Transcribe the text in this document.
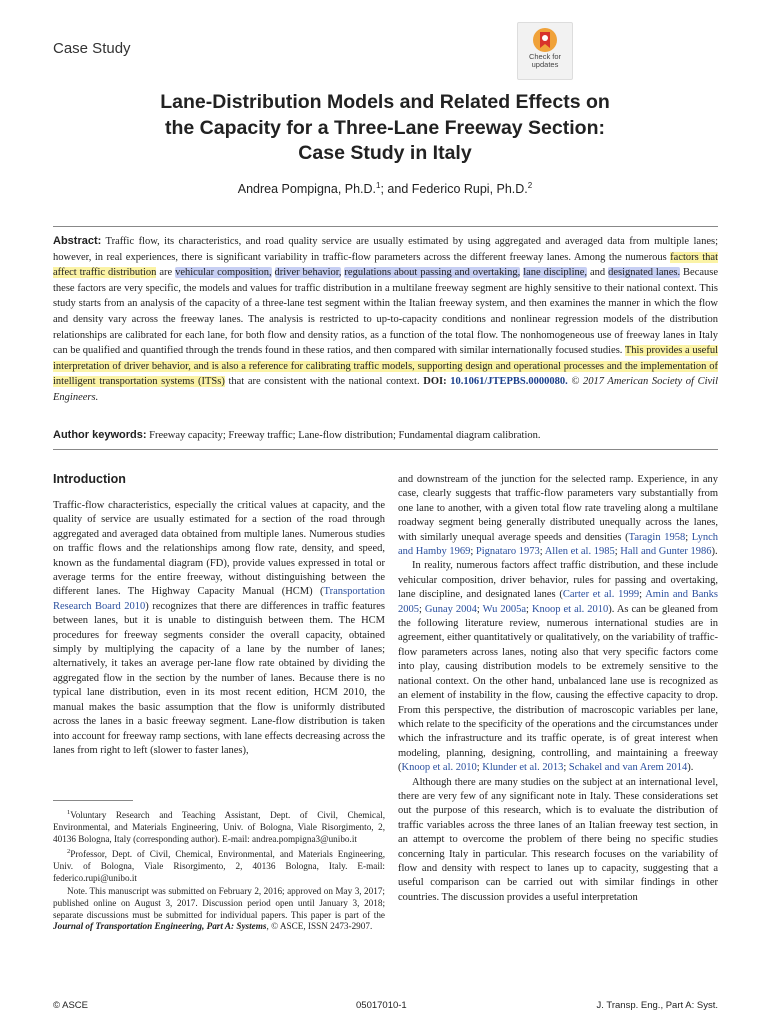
Case Study	Check for
updates
Lane-Distribution Models and Related Effects on
the Capacity for a Three-Lane Freeway Section:
Case Study in Italy
Andrea Pompigna, Ph.D.$^1$; and Federico Rupi, Ph.D.$^2$
Abstract: Traffic flow, its characteristics, and road quality service are usually estimated by using aggregated and averaged data from multiple lanes; however, in real experiences, there is significant variability in traffic-flow parameters across the different freeway lanes. Among the numerous factors that affect traffic distribution are vehicular composition, driver behavior, regulations about passing and overtaking, lane discipline, and designated lanes. Because these factors are very specific, the models and values for traffic distribution in a multilane freeway segment are highly sensitive to their national context. This study starts from an analysis of the capacity of a three-lane test segment within the Italian freeway system, and then examines the manner in which the flow and density vary across the freeway lanes. The analysis is restricted to up-to-capacity conditions and nonlinear regression models of the distribution relationships are calibrated for each lane, for both flow and density ratios, as a function of the total flow. The nonhomogeneous use of freeway lanes in Italy can be qualified and quantified through the trends found in these ratios, and then compared with similar internationally focused studies. This provides a useful interpretation of driver behavior, and is also a reference for calibrating traffic models, supporting design and operational processes and the implementation of intelligent transportation systems (ITSs) that are consistent with the national context. DOI: 10.1061/JTEPBS.0000080. © 2017 American Society of Civil Engineers.
Author keywords: Freeway capacity; Freeway traffic; Lane-flow distribution; Fundamental diagram calibration.
Introduction

Traffic-flow characteristics, especially the critical values at capacity, and the quality of service are usually estimated for a section of the road through aggregated and averaged data obtained from multiple lanes. Numerous studies on traffic flows and the relationships among flow rate, density, and speed, known as the fundamental diagram (FD), provide values expressed in total or average terms for the entire freeway, without distinguishing between the different lanes. The Highway Capacity Manual (HCM) (Transportation Research Board 2010) recognizes that there are differences in traffic features between lanes, but it is unable to distinguish between them. The HCM procedures for freeway segments consider the overall capacity, obtained simply by multiplying the capacity of a lane by the number of lanes; alternatively, it takes an average per-lane flow rate obtained by dividing the aggregated flow in the section by the number of lanes. Because there is no typical lane distribution, even in its most recent edition, HCM 2010, the manual makes the basic assumption that the flow is uniformly distributed across the lanes in a basic freeway segment. Lane-flow distribution is taken into account for freeway ramp sections, with lane effects decreasing across the lanes from right to left (slower to faster lanes),

and downstream of the junction for the selected ramp. Experience, in any case, clearly suggests that traffic-flow parameters vary substantially from one lane to another, with a given total flow rate traveling along a multilane roadway segment being generally distributed unequally across the lanes, with similarly unequal average speeds and densities (Taragin 1958; Lynch and Hamby 1969; Pignataro 1973; Allen et al. 1985; Hall and Gunter 1986).

In reality, numerous factors affect traffic distribution, and these include vehicular composition, driver behavior, rules for passing and overtaking, lane discipline, and designated lanes (Carter et al. 1999; Amin and Banks 2005; Gunay 2004; Wu 2005a; Knoop et al. 2010). As can be gleaned from the following literature review, numerous international studies are in agreement, either quantitatively or qualitatively, on the variability of traffic-flow parameters across lanes, noting also that very specific factors come into play, causing distribution models to be extremely sensitive to the national context. On the other hand, unbalanced lane use is recognized as an element of instability in the flow, causing the effective capacity to drop. From this perspective, the distribution of macroscopic variables per lane, which relate to the specificity of the operations and the circumstances under which the infrastructure and its traffic operate, is of great interest when modeling, planning, designing, controlling, and maintaining a freeway (Knoop et al. 2010; Klunder et al. 2013; Schakel and van Arem 2014).

Although there are many studies on the subject at an international level, there are very few of any significant note in Italy. These considerations set out the purpose of this research, which is to evaluate the distribution of traffic variables across the three lanes of an Italian freeway test section, in an attempt to overcome the problem of there being no specific studies concerning Italy in particular. This research focuses on the variability of flow and density with respect to lanes up to capacity, suggesting that a useful comparison can be carried out with similar findings in other countries. The discussion provides a useful interpretation

$^1$Voluntary Research and Teaching Assistant, Dept. of Civil, Chemical, Environmental, and Materials Engineering, Univ. of Bologna, Viale Risorgimento, 2, 40136 Bologna, Italy (corresponding author). E-mail: andrea.pompigna3@unibo.it

$^2$Professor, Dept. of Civil, Chemical, Environmental, and Materials Engineering, Univ. of Bologna, Viale Risorgimento, 2, 40136 Bologna, Italy. E-mail: federico.rupi@unibo.it

Note. This manuscript was submitted on February 2, 2016; approved on May 3, 2017; published online on August 3, 2017. Discussion period open until January 3, 2018; separate discussions must be submitted for individual papers. This paper is part of the Journal of Transportation Engineering, Part A: Systems, © ASCE, ISSN 2473-2907.

© ASCE	05017010-1	J. Transp. Eng., Part A: Syst.
